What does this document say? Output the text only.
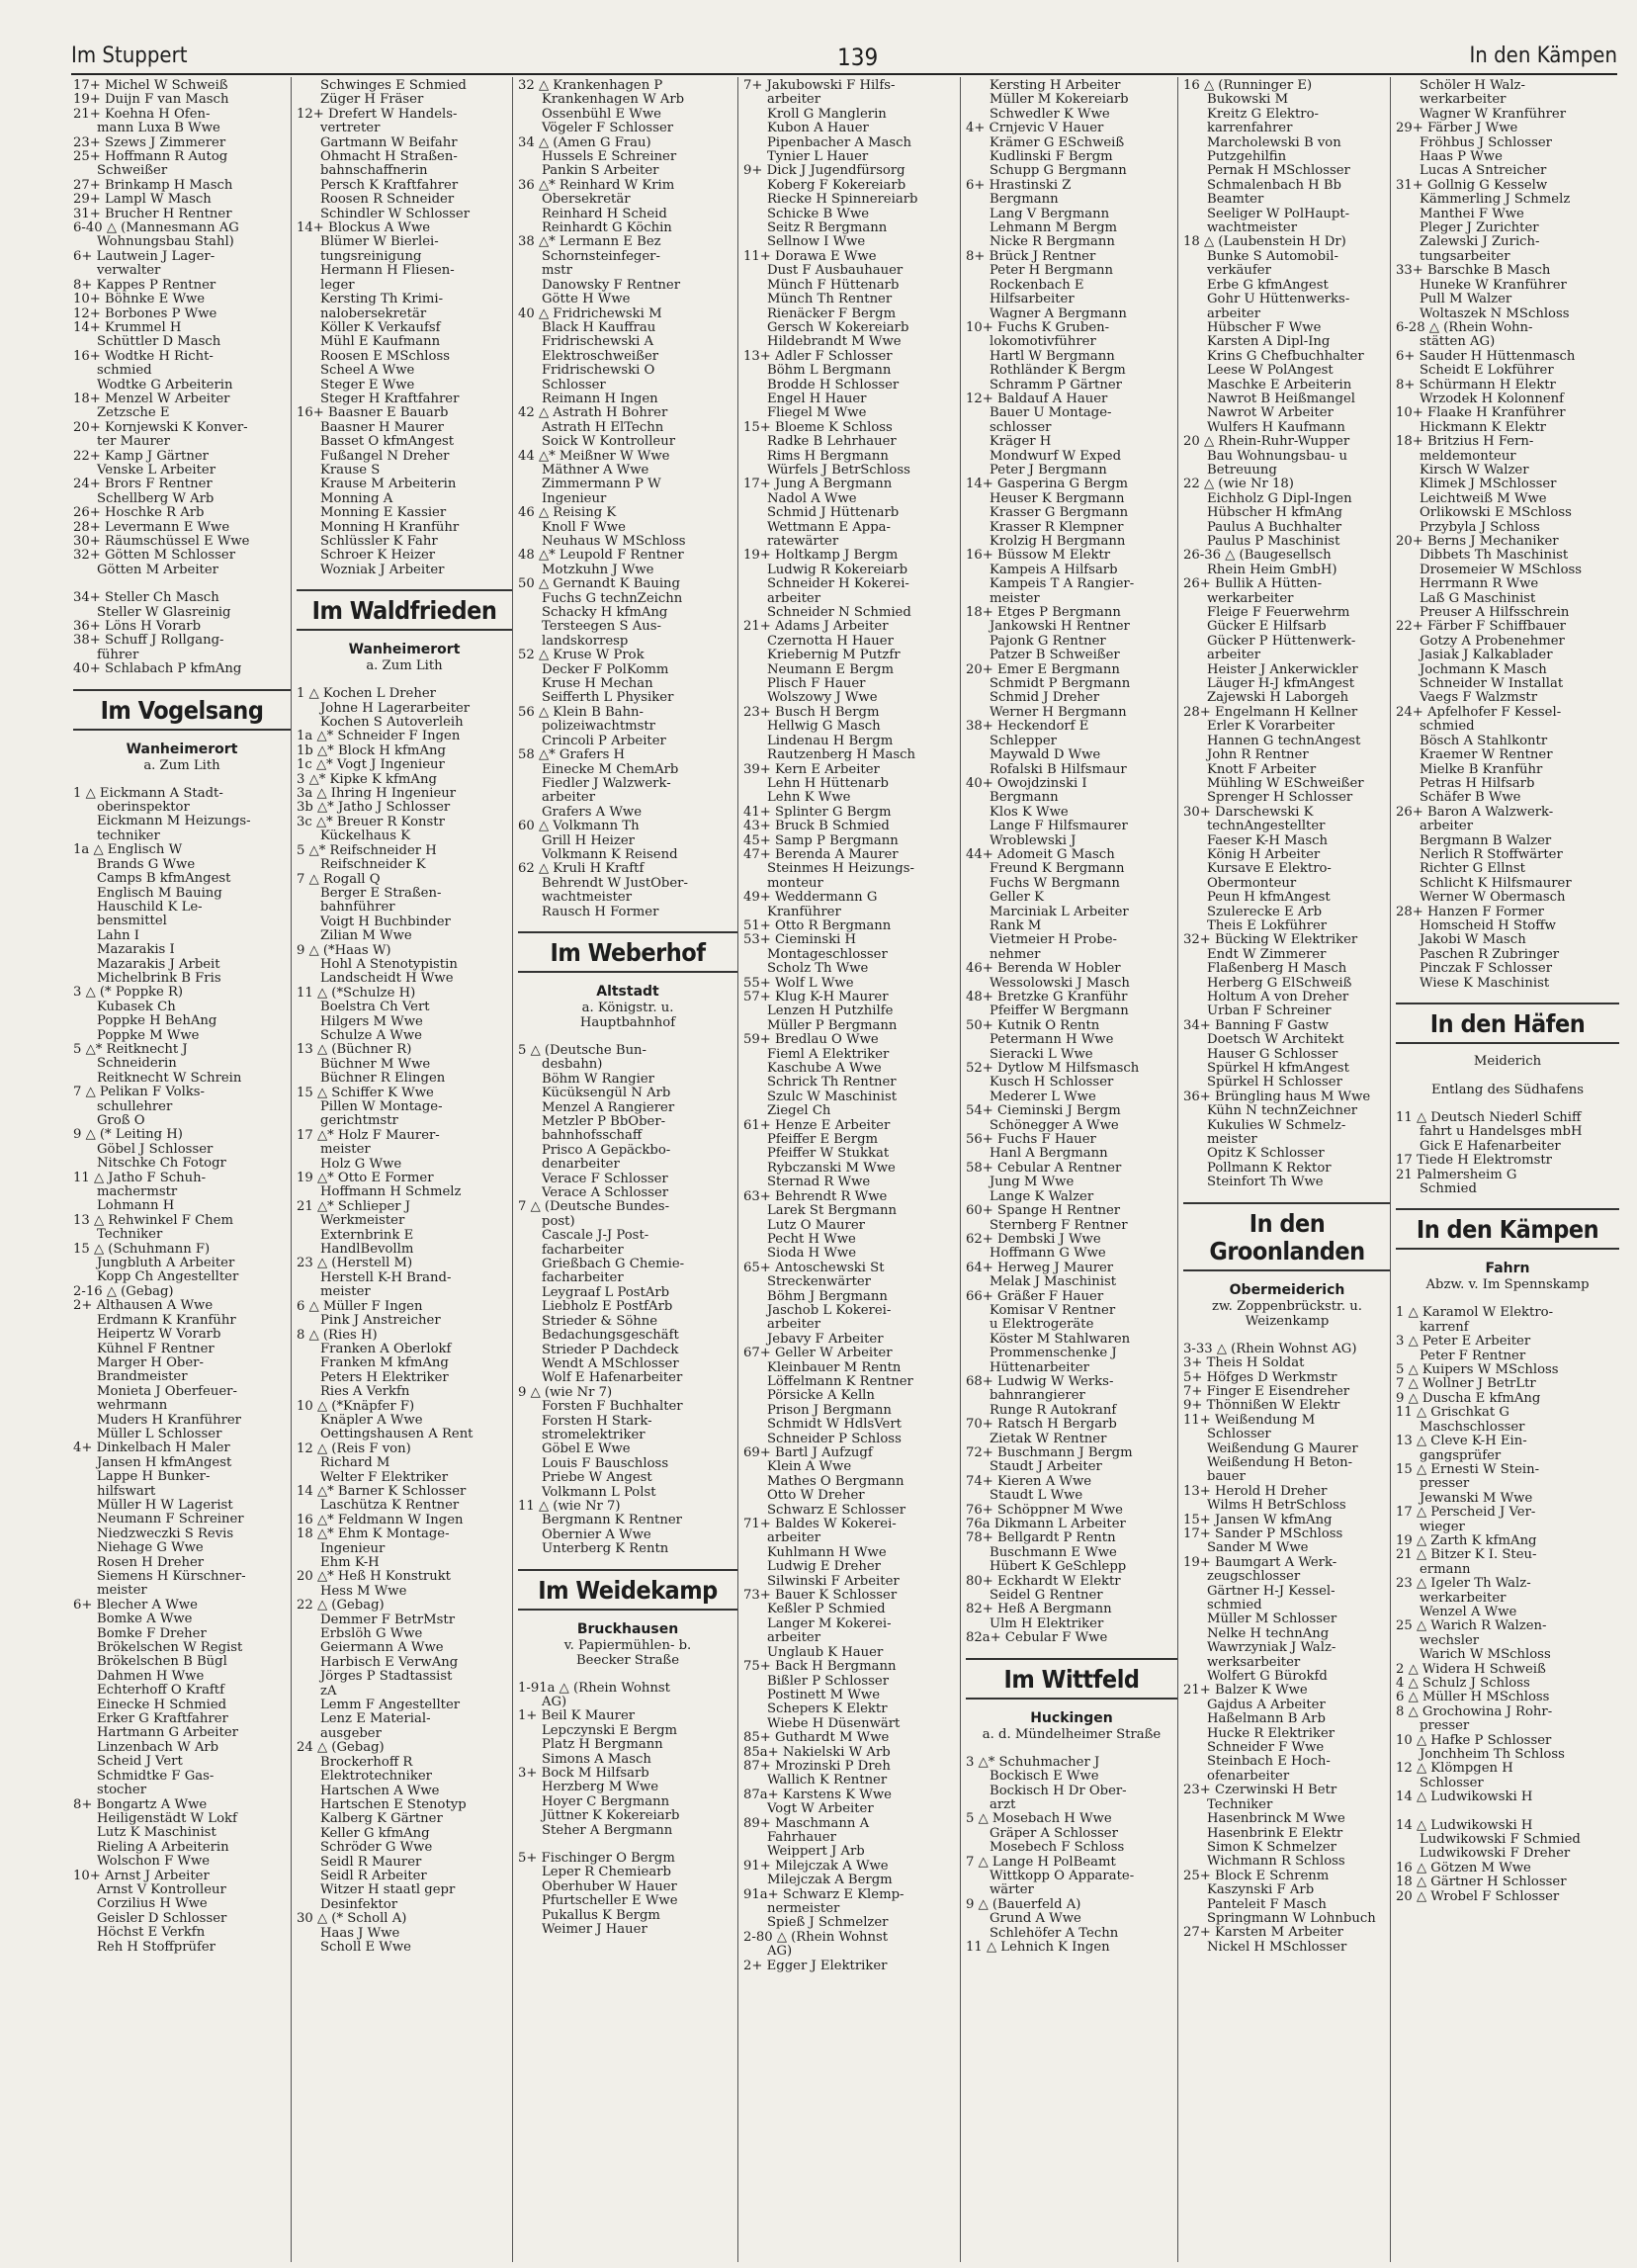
Im Stuppert	139	In den Kämpen
17+ Michel W Schweiß
19+ Duijn F van Masch
21+ Koehna H Ofen-
mann Luxa B Wwe
23+ Szews J Zimmerer
25+ Hoffmann R Autog
Schweißer
27+ Brinkamp H Masch
29+ Lampl W Masch
31+ Brucher H Rentner
6-40 △ (Mannesmann AG
Wohnungsbau Stahl)
6+ Lautwein J Lager-
verwalter
8+ Kappes P Rentner
10+ Böhnke E Wwe
12+ Borbones P Wwe
14+ Krummel H
Schüttler D Masch
16+ Wodtke H Richt-
schmied
Wodtke G Arbeiterin
18+ Menzel W Arbeiter
Zetzsche E
20+ Kornjewski K Konver-
ter Maurer
22+ Kamp J Gärtner
Venske L Arbeiter
24+ Brors F Rentner
Schellberg W Arb
26+ Hoschke R Arb
28+ Levermann E Wwe
30+ Räumschüssel E Wwe
32+ Götten M Schlosser
Götten M Arbeiter
34+ Steller Ch Masch
Steller W Glasreinig
36+ Löns H Vorarb
38+ Schuff J Rollgang-
führer
40+ Schlabach P kfmAng
Im Vogelsang
Wanheimerort
a. Zum Lith
1 △ Eickmann A Stadt-
oberinspektor
Eickmann M Heizungs-
techniker
1a △ Englisch W
Brands G Wwe
Camps B kfmAngest
Englisch M Bauing
Hauschild K Le-
bensmittel
Lahn I
Mazarakis I
Mazarakis J Arbeit
Michelbrink B Fris
3 △ (* Poppke R)
Kubasek Ch
Poppke H BehAng
Poppke M Wwe
5 △* Reitknecht J
Schneiderin
Reitknecht W Schrein
7 △ Pelikan F Volks-
schullehrer
Groß O
9 △ (* Leiting H)
Göbel J Schlosser
Nitschke Ch Fotogr
11 △ Jatho F Schuh-
machermstr
Lohmann H
13 △ Rehwinkel F Chem
Techniker
15 △ (Schuhmann F)
Jungbluth A Arbeiter
Kopp Ch Angestellter
2-16 △ (Gebag)
2+ Althausen A Wwe
Erdmann K Kranführ
Heipertz W Vorarb
Kühnel F Rentner
Marger H Ober-
Brandmeister
Monieta J Oberfeuer-
wehrmann
Muders H Kranführer
Müller L Schlosser
4+ Dinkelbach H Maler
Jansen H kfmAngest
Lappe H Bunker-
hilfswart
Müller H W Lagerist
Neumann F Schreiner
Niedzweczki S Revis
Niehage G Wwe
Rosen H Dreher
Siemens H Kürschner-
meister
6+ Blecher A Wwe
Bomke A Wwe
Bomke F Dreher
Brökelschen W Regist
Brökelschen B Bügl
Dahmen H Wwe
Echterhoff O Kraftf
Einecke H Schmied
Erker G Kraftfahrer
Hartmann G Arbeiter
Linzenbach W Arb
Scheid J Vert
Schmidtke F Gas-
stocher
8+ Bongartz A Wwe
Heiligenstädt W Lokf
Lutz K Maschinist
Rieling A Arbeiterin
Wolschon F Wwe
10+ Arnst J Arbeiter
Arnst V Kontrolleur
Corzilius H Wwe
Geisler D Schlosser
Höchst E Verkfn
Reh H Stoffprüfer
Schwinges E Schmied
Züger H Fräser
12+ Drefert W Handels-
vertreter
Gartmann W Beifahr
Ohmacht H Straßen-
bahnschaffnerin
Persch K Kraftfahrer
Roosen R Schneider
Schindler W Schlosser
14+ Blockus A Wwe
Blümer W Bierlei-
tungsreinigung
Hermann H Fliesen-
leger
Kersting Th Krimi-
nalobersekretär
Köller K Verkaufsf
Mühl E Kaufmann
Roosen E MSchloss
Scheel A Wwe
Steger E Wwe
Steger H Kraftfahrer
16+ Baasner E Bauarb
Baasner H Maurer
Basset O kfmAngest
Fußangel N Dreher
Krause S
Krause M Arbeiterin
Monning A
Monning E Kassier
Monning H Kranführ
Schlüssler K Fahr
Schroer K Heizer
Wozniak J Arbeiter
Im Waldfrieden
Wanheimerort
a. Zum Lith
1 △ Kochen L Dreher
Johne H Lagerarbeiter
Kochen S Autoverleih
1a △* Schneider F Ingen
1b △* Block H kfmAng
1c △* Vogt J Ingenieur
3 △* Kipke K kfmAng
3a △ Ihring H Ingenieur
3b △* Jatho J Schlosser
3c △* Breuer R Konstr
Kückelhaus K
5 △* Reifschneider H
Reifschneider K
7 △ Rogall Q
Berger E Straßen-
bahnführer
Voigt H Buchbinder
Zilian M Wwe
9 △ (*Haas W)
Hohl A Stenotypistin
Landscheidt H Wwe
11 △ (*Schulze H)
Boelstra Ch Vert
Hilgers M Wwe
Schulze A Wwe
13 △ (Büchner R)
Büchner M Wwe
Büchner R Elingen
15 △ Schiffer K Wwe
Pillen W Montage-
gerichtmstr
17 △* Holz F Maurer-
meister
Holz G Wwe
19 △* Otto E Former
Hoffmann H Schmelz
21 △* Schlieper J
Werkmeister
Externbrink E
HandlBevollm
23 △ (Herstell M)
Herstell K-H Brand-
meister
6 △ Müller F Ingen
Pink J Anstreicher
8 △ (Ries H)
Franken A Oberlokf
Franken M kfmAng
Peters H Elektriker
Ries A Verkfn
10 △ (*Knäpfer F)
Knäpler A Wwe
Oettingshausen A Rent
12 △ (Reis F von)
Richard M
Welter F Elektriker
14 △* Barner K Schlosser
Laschütza K Rentner
16 △* Feldmann W Ingen
18 △* Ehm K Montage-
Ingenieur
Ehm K-H
20 △* Heß H Konstrukt
Hess M Wwe
22 △ (Gebag)
Demmer F BetrMstr
Erbslöh G Wwe
Geiermann A Wwe
Harbisch E VerwAng
Jörges P Stadtassist
zA
Lemm F Angestellter
Lenz E Material-
ausgeber
24 △ (Gebag)
Brockerhoff R
Elektrotechniker
Hartschen A Wwe
Hartschen E Stenotyp
Kalberg K Gärtner
Keller G kfmAng
Schröder G Wwe
Seidl R Maurer
Seidl R Arbeiter
Witzer H staatl gepr
Desinfektor
30 △ (* Scholl A)
Haas J Wwe
Scholl E Wwe
32 △ Krankenhagen P
Krankenhagen W Arb
Ossenbühl E Wwe
Vögeler F Schlosser
34 △ (Amen G Frau)
Hussels E Schreiner
Pankin S Arbeiter
36 △* Reinhard W Krim
Obersekretär
Reinhard H Scheid
Reinhardt G Köchin
38 △* Lermann E Bez
Schornsteinfeger-
mstr
Danowsky F Rentner
Götte H Wwe
40 △ Fridrichewski M
Black H Kauffrau
Fridrischewski A
Elektroschweißer
Fridrischewski O
Schlosser
Reimann H Ingen
42 △ Astrath H Bohrer
Astrath H ElTechn
Soick W Kontrolleur
44 △* Meißner W Wwe
Mäthner A Wwe
Zimmermann P W
Ingenieur
46 △ Reising K
Knoll F Wwe
Neuhaus W MSchloss
48 △* Leupold F Rentner
Motzkuhn J Wwe
50 △ Gernandt K Bauing
Fuchs G technZeichn
Schacky H kfmAng
Tersteegen S Aus-
landskorresp
52 △ Kruse W Prok
Decker F PolKomm
Kruse H Mechan
Seifferth L Physiker
56 △ Klein B Bahn-
polizeiwachtmstr
Crincoli P Arbeiter
58 △* Grafers H
Einecke M ChemArb
Fiedler J Walzwerk-
arbeiter
Grafers A Wwe
60 △ Volkmann Th
Grill H Heizer
Volkmann K Reisend
62 △ Kruli H Kraftf
Behrendt W JustOber-
wachtmeister
Rausch H Former
Im Weberhof
Altstadt
a. Königstr. u.
Hauptbahnhof
5 △ (Deutsche Bun-
desbahn)
Böhm W Rangier
Kücüksengül N Arb
Menzel A Rangierer
Metzler P BbOber-
bahnhofsschaff
Prisco A Gepäckbo-
denarbeiter
Verace F Schlosser
Verace A Schlosser
7 △ (Deutsche Bundes-
post)
Cascale J-J Post-
facharbeiter
Grießbach G Chemie-
facharbeiter
Leygraaf L PostArb
Liebholz E PostfArb
Strieder & Söhne
Bedachungsgeschäft
Strieder P Dachdeck
Wendt A MSchlosser
Wolf E Hafenarbeiter
9 △ (wie Nr 7)
Forsten F Buchhalter
Forsten H Stark-
stromelektriker
Göbel E Wwe
Louis F Bauschloss
Priebe W Angest
Volkmann L Polst
11 △ (wie Nr 7)
Bergmann K Rentner
Obernier A Wwe
Unterberg K Rentn
Im Weidekamp
Bruckhausen
v. Papiermühlen- b.
Beecker Straße
1-91a △ (Rhein Wohnst
AG)
1+ Beil K Maurer
Lepczynski E Bergm
Platz H Bergmann
Simons A Masch
3+ Bock M Hilfsarb
Herzberg M Wwe
Hoyer C Bergmann
Jüttner K Kokereiarb
Steher A Bergmann
5+ Fischinger O Bergm
Leper R Chemiearb
Oberhuber W Hauer
Pfurtscheller E Wwe
Pukallus K Bergm
Weimer J Hauer
7+ Jakubowski F Hilfs-
arbeiter
Kroll G Manglerin
Kubon A Hauer
Pipenbacher A Masch
Tynier L Hauer
9+ Dick J Jugendfürsorg
Koberg F Kokereiarb
Riecke H Spinnereiarb
Schicke B Wwe
Seitz R Bergmann
Sellnow I Wwe
11+ Dorawa E Wwe
Dust F Ausbauhauer
Münch F Hüttenarb
Münch Th Rentner
Rienäcker F Bergm
Gersch W Kokereiarb
Hildebrandt M Wwe
13+ Adler F Schlosser
Böhm L Bergmann
Brodde H Schlosser
Engel H Hauer
Fliegel M Wwe
15+ Bloeme K Schloss
Radke B Lehrhauer
Rims H Bergmann
Würfels J BetrSchloss
17+ Jung A Bergmann
Nadol A Wwe
Schmid J Hüttenarb
Wettmann E Appa-
ratewärter
19+ Holtkamp J Bergm
Ludwig R Kokereiarb
Schneider H Kokerei-
arbeiter
Schneider N Schmied
21+ Adams J Arbeiter
Czernotta H Hauer
Kriebernig M Putzfr
Neumann E Bergm
Plisch F Hauer
Wolszowy J Wwe
23+ Busch H Bergm
Hellwig G Masch
Lindenau H Bergm
Rautzenberg H Masch
39+ Kern E Arbeiter
Lehn H Hüttenarb
Lehn K Wwe
41+ Splinter G Bergm
43+ Bruck B Schmied
45+ Samp P Bergmann
47+ Berenda A Maurer
Steinmes H Heizungs-
monteur
49+ Weddermann G
Kranführer
51+ Otto R Bergmann
53+ Cieminski H
Montageschlosser
Scholz Th Wwe
55+ Wolf L Wwe
57+ Klug K-H Maurer
Lenzen H Putzhilfe
Müller P Bergmann
59+ Bredlau O Wwe
Fieml A Elektriker
Kaschube A Wwe
Schrick Th Rentner
Szulc W Maschinist
Ziegel Ch
61+ Henze E Arbeiter
Pfeiffer E Bergm
Pfeiffer W Stukkat
Rybczanski M Wwe
Sternad R Wwe
63+ Behrendt R Wwe
Larek St Bergmann
Lutz O Maurer
Pecht H Wwe
Sioda H Wwe
65+ Antoschewski St
Streckenwärter
Böhm J Bergmann
Jaschob L Kokerei-
arbeiter
Jebavy F Arbeiter
67+ Geller W Arbeiter
Kleinbauer M Rentn
Löffelmann K Rentner
Pörsicke A Kelln
Prison J Bergmann
Schmidt W HdlsVert
Schneider P Schloss
69+ Bartl J Aufzugf
Klein A Wwe
Mathes O Bergmann
Otto W Dreher
Schwarz E Schlosser
71+ Baldes W Kokerei-
arbeiter
Kuhlmann H Wwe
Ludwig E Dreher
Silwinski F Arbeiter
73+ Bauer K Schlosser
Keßler P Schmied
Langer M Kokerei-
arbeiter
Unglaub K Hauer
75+ Back H Bergmann
Bißler P Schlosser
Postinett M Wwe
Schepers K Elektr
Wiebe H Düsenwärt
85+ Guthardt M Wwe
85a+ Nakielski W Arb
87+ Mrozinski P Dreh
Wallich K Rentner
87a+ Karstens K Wwe
Vogt W Arbeiter
89+ Maschmann A
Fahrhauer
Weippert J Arb
91+ Milejczak A Wwe
Milejczak A Bergm
91a+ Schwarz E Klemp-
nermeister
Spieß J Schmelzer
2-80 △ (Rhein Wohnst
AG)
2+ Egger J Elektriker
Kersting H Arbeiter
Müller M Kokereiarb
Schwedler K Wwe
4+ Crnjevic V Hauer
Krämer G ESchweiß
Kudlinski F Bergm
Schupp G Bergmann
6+ Hrastinski Z
Bergmann
Lang V Bergmann
Lehmann M Bergm
Nicke R Bergmann
8+ Brück J Rentner
Peter H Bergmann
Rockenbach E
Hilfsarbeiter
Wagner A Bergmann
10+ Fuchs K Gruben-
lokomotivführer
Hartl W Bergmann
Rothländer K Bergm
Schramm P Gärtner
12+ Baldauf A Hauer
Bauer U Montage-
schlosser
Kräger H
Mondwurf W Exped
Peter J Bergmann
14+ Gasperina G Bergm
Heuser K Bergmann
Krasser G Bergmann
Krasser R Klempner
Krolzig H Bergmann
16+ Büssow M Elektr
Kampeis A Hilfsarb
Kampeis T A Rangier-
meister
18+ Etges P Bergmann
Jankowski H Rentner
Pajonk G Rentner
Patzer B Schweißer
20+ Emer E Bergmann
Schmidt P Bergmann
Schmid J Dreher
Werner H Bergmann
38+ Heckendorf E
Schlepper
Maywald D Wwe
Rofalski B Hilfsmaur
40+ Owojdzinski I
Bergmann
Klos K Wwe
Lange F Hilfsmaurer
Wroblewski J
44+ Adomeit G Masch
Freund K Bergmann
Fuchs W Bergmann
Geller K
Marciniak L Arbeiter
Rank M
Vietmeier H Probe-
nehmer
46+ Berenda W Hobler
Wessolowski J Masch
48+ Bretzke G Kranführ
Pfeiffer W Bergmann
50+ Kutnik O Rentn
Petermann H Wwe
Sieracki L Wwe
52+ Dytlow M Hilfsmasch
Kusch H Schlosser
Mederer L Wwe
54+ Cieminski J Bergm
Schönegger A Wwe
56+ Fuchs F Hauer
Hanl A Bergmann
58+ Cebular A Rentner
Jung M Wwe
Lange K Walzer
60+ Spange H Rentner
Sternberg F Rentner
62+ Dembski J Wwe
Hoffmann G Wwe
64+ Herweg J Maurer
Melak J Maschinist
66+ Gräßer F Hauer
Komisar V Rentner
u Elektrogeräte
Köster M Stahlwaren
Prommenschenke J
Hüttenarbeiter
68+ Ludwig W Werks-
bahnrangierer
Runge R Autokranf
70+ Ratsch H Bergarb
Zietak W Rentner
72+ Buschmann J Bergm
Staudt J Arbeiter
74+ Kieren A Wwe
Staudt L Wwe
76+ Schöppner M Wwe
76a Dikmann L Arbeiter
78+ Bellgardt P Rentn
Buschmann E Wwe
Hübert K GeSchlepp
80+ Eckhardt W Elektr
Seidel G Rentner
82+ Heß A Bergmann
Ulm H Elektriker
82a+ Cebular F Wwe
Im Wittfeld
Huckingen
a. d. Mündelheimer Straße
3 △* Schuhmacher J
Bockisch E Wwe
Bockisch H Dr Ober-
arzt
5 △ Mosebach H Wwe
Gräper A Schlosser
Mosebech F Schloss
7 △ Lange H PolBeamt
Wittkopp O Apparate-
wärter
9 △ (Bauerfeld A)
Grund A Wwe
Schlehöfer A Techn
11 △ Lehnich K Ingen
16 △ (Runninger E)
Bukowski M
Kreitz G Elektro-
karrenfahrer
Marcholewski B von
Putzgehilfin
Pernak H MSchlosser
Schmalenbach H Bb
Beamter
Seeliger W PolHaupt-
wachtmeister
18 △ (Laubenstein H Dr)
Bunke S Automobil-
verkäufer
Erbe G kfmAngest
Gohr U Hüttenwerks-
arbeiter
Hübscher F Wwe
Karsten A Dipl-Ing
Krins G Chefbuchhalter
Leese W PolAngest
Maschke E Arbeiterin
Nawrot B Heißmangel
Nawrot W Arbeiter
Wulfers H Kaufmann
20 △ Rhein-Ruhr-Wupper
Bau Wohnungsbau- u
Betreuung
22 △ (wie Nr 18)
Eichholz G Dipl-Ingen
Hübscher H kfmAng
Paulus A Buchhalter
Paulus P Maschinist
26-36 △ (Baugesellsch
Rhein Heim GmbH)
26+ Bullik A Hütten-
werkarbeiter
Fleige F Feuerwehrm
Gücker E Hilfsarb
Gücker P Hüttenwerk-
arbeiter
Heister J Ankerwickler
Läuger H-J kfmAngest
Zajewski H Laborgeh
28+ Engelmann H Kellner
Erler K Vorarbeiter
Hannen G technAngest
John R Rentner
Knott F Arbeiter
Mühling W ESchweißer
Sprenger H Schlosser
30+ Darschewski K
technAngestellter
Faeser K-H Masch
König H Arbeiter
Kursave E Elektro-
Obermonteur
Peun H kfmAngest
Szulerecke E Arb
Theis E Lokführer
32+ Bücking W Elektriker
Endt W Zimmerer
Flaßenberg H Masch
Herberg G ElSchweiß
Holtum A von Dreher
Urban F Schreiner
34+ Banning F Gastw
Doetsch W Architekt
Hauser G Schlosser
Spürkel H kfmAngest
Spürkel H Schlosser
36+ Brüngling haus M Wwe
Kühn N technZeichner
Kukulies W Schmelz-
meister
Opitz K Schlosser
Pollmann K Rektor
Steinfort Th Wwe
In den Groonlanden
Obermeiderich
zw. Zoppenbrückstr. u.
Weizenkamp
3-33 △ (Rhein Wohnst AG)
3+ Theis H Soldat
5+ Höfges D Werkmstr
7+ Finger E Eisendreher
9+ Thönnißen W Elektr
11+ Weißendung M
Schlosser
Weißendung G Maurer
Weißendung H Beton-
bauer
13+ Herold H Dreher
Wilms H BetrSchloss
15+ Jansen W kfmAng
17+ Sander P MSchloss
Sander M Wwe
19+ Baumgart A Werk-
zeugschlosser
Gärtner H-J Kessel-
schmied
Müller M Schlosser
Nelke H technAng
Wawrzyniak J Walz-
werksarbeiter
Wolfert G Bürokfd
21+ Balzer K Wwe
Gajdus A Arbeiter
Haßelmann B Arb
Hucke R Elektriker
Schneider F Wwe
Steinbach E Hoch-
ofenarbeiter
23+ Czerwinski H Betr
Techniker
Hasenbrinck M Wwe
Hasenbrink E Elektr
Simon K Schmelzer
Wichmann R Schloss
25+ Block E Schrenm
Kaszynski F Arb
Panteleit F Masch
Springmann W Lohnbuch
27+ Karsten M Arbeiter
Nickel H MSchlosser
Schöler H Walz-
werkarbeiter
Wagner W Kranführer
29+ Färber J Wwe
Fröhbus J Schlosser
Haas P Wwe
Lucas A Sntreicher
31+ Gollnig G Kesselw
Kämmerling J Schmelz
Manthei F Wwe
Pleger J Zurichter
Zalewski J Zurich-
tungsarbeiter
33+ Barschke B Masch
Huneke W Kranführer
Pull M Walzer
Woltaszek N MSchloss
6-28 △ (Rhein Wohn-
stätten AG)
6+ Sauder H Hüttenmasch
Scheidt E Lokführer
8+ Schürmann H Elektr
Wrzodek H Kolonnenf
10+ Flaake H Kranführer
Hickmann K Elektr
18+ Britzius H Fern-
meldemonteur
Kirsch W Walzer
Klimek J MSchlosser
Leichtweiß M Wwe
Orlikowski E MSchloss
Przybyla J Schloss
20+ Berns J Mechaniker
Dibbets Th Maschinist
Drosemeier W MSchloss
Herrmann R Wwe
Laß G Maschinist
Preuser A Hilfsschrein
22+ Färber F Schiffbauer
Gotzy A Probenehmer
Jasiak J Kalkablader
Jochmann K Masch
Schneider W Installat
Vaegs F Walzmstr
24+ Apfelhofer F Kessel-
schmied
Bösch A Stahlkontr
Kraemer W Rentner
Mielke B Kranführ
Petras H Hilfsarb
Schäfer B Wwe
26+ Baron A Walzwerk-
arbeiter
Bergmann B Walzer
Nerlich R Stoffwärter
Richter G Ellnst
Schlicht K Hilfsmaurer
Werner W Obermasch
28+ Hanzen F Former
Homscheid H Stoffw
Jakobi W Masch
Paschen R Zubringer
Pinczak F Schlosser
Wiese K Maschinist
In den Häfen
Meiderich
Entlang des Südhafens
11 △ Deutsch Niederl Schiff
fahrt u Handelsges mbH
Gick E Hafenarbeiter
17 Tiede H Elektromstr
21 Palmersheim G
Schmied
In den Kämpen
Fahrn
Abzw. v. Im Spennskamp
1 △ Karamol W Elektro-
karrenf
3 △ Peter E Arbeiter
Peter F Rentner
5 △ Kuipers W MSchloss
7 △ Wollner J BetrLtr
9 △ Duscha E kfmAng
11 △ Grischkat G
Maschschlosser
13 △ Cleve K-H Ein-
gangsprüfer
15 △ Ernesti W Stein-
presser
Jewanski M Wwe
17 △ Perscheid J Ver-
wieger
19 △ Zarth K kfmAng
21 △ Bitzer K I. Steu-
ermann
23 △ Igeler Th Walz-
werkarbeiter
Wenzel A Wwe
25 △ Warich R Walzen-
wechsler
Warich W MSchloss
2 △ Widera H Schweiß
4 △ Schulz J Schloss
6 △ Müller H MSchloss
8 △ Grochowina J Rohr-
presser
10 △ Hafke P Schlosser
Jonchheim Th Schloss
12 △ Klömpgen H
Schlosser
14 △ Ludwikowski H
14 △ Ludwikowski H
Ludwikowski F Schmied
Ludwikowski F Dreher
16 △ Götzen M Wwe
18 △ Gärtner H Schlosser
20 △ Wrobel F Schlosser
